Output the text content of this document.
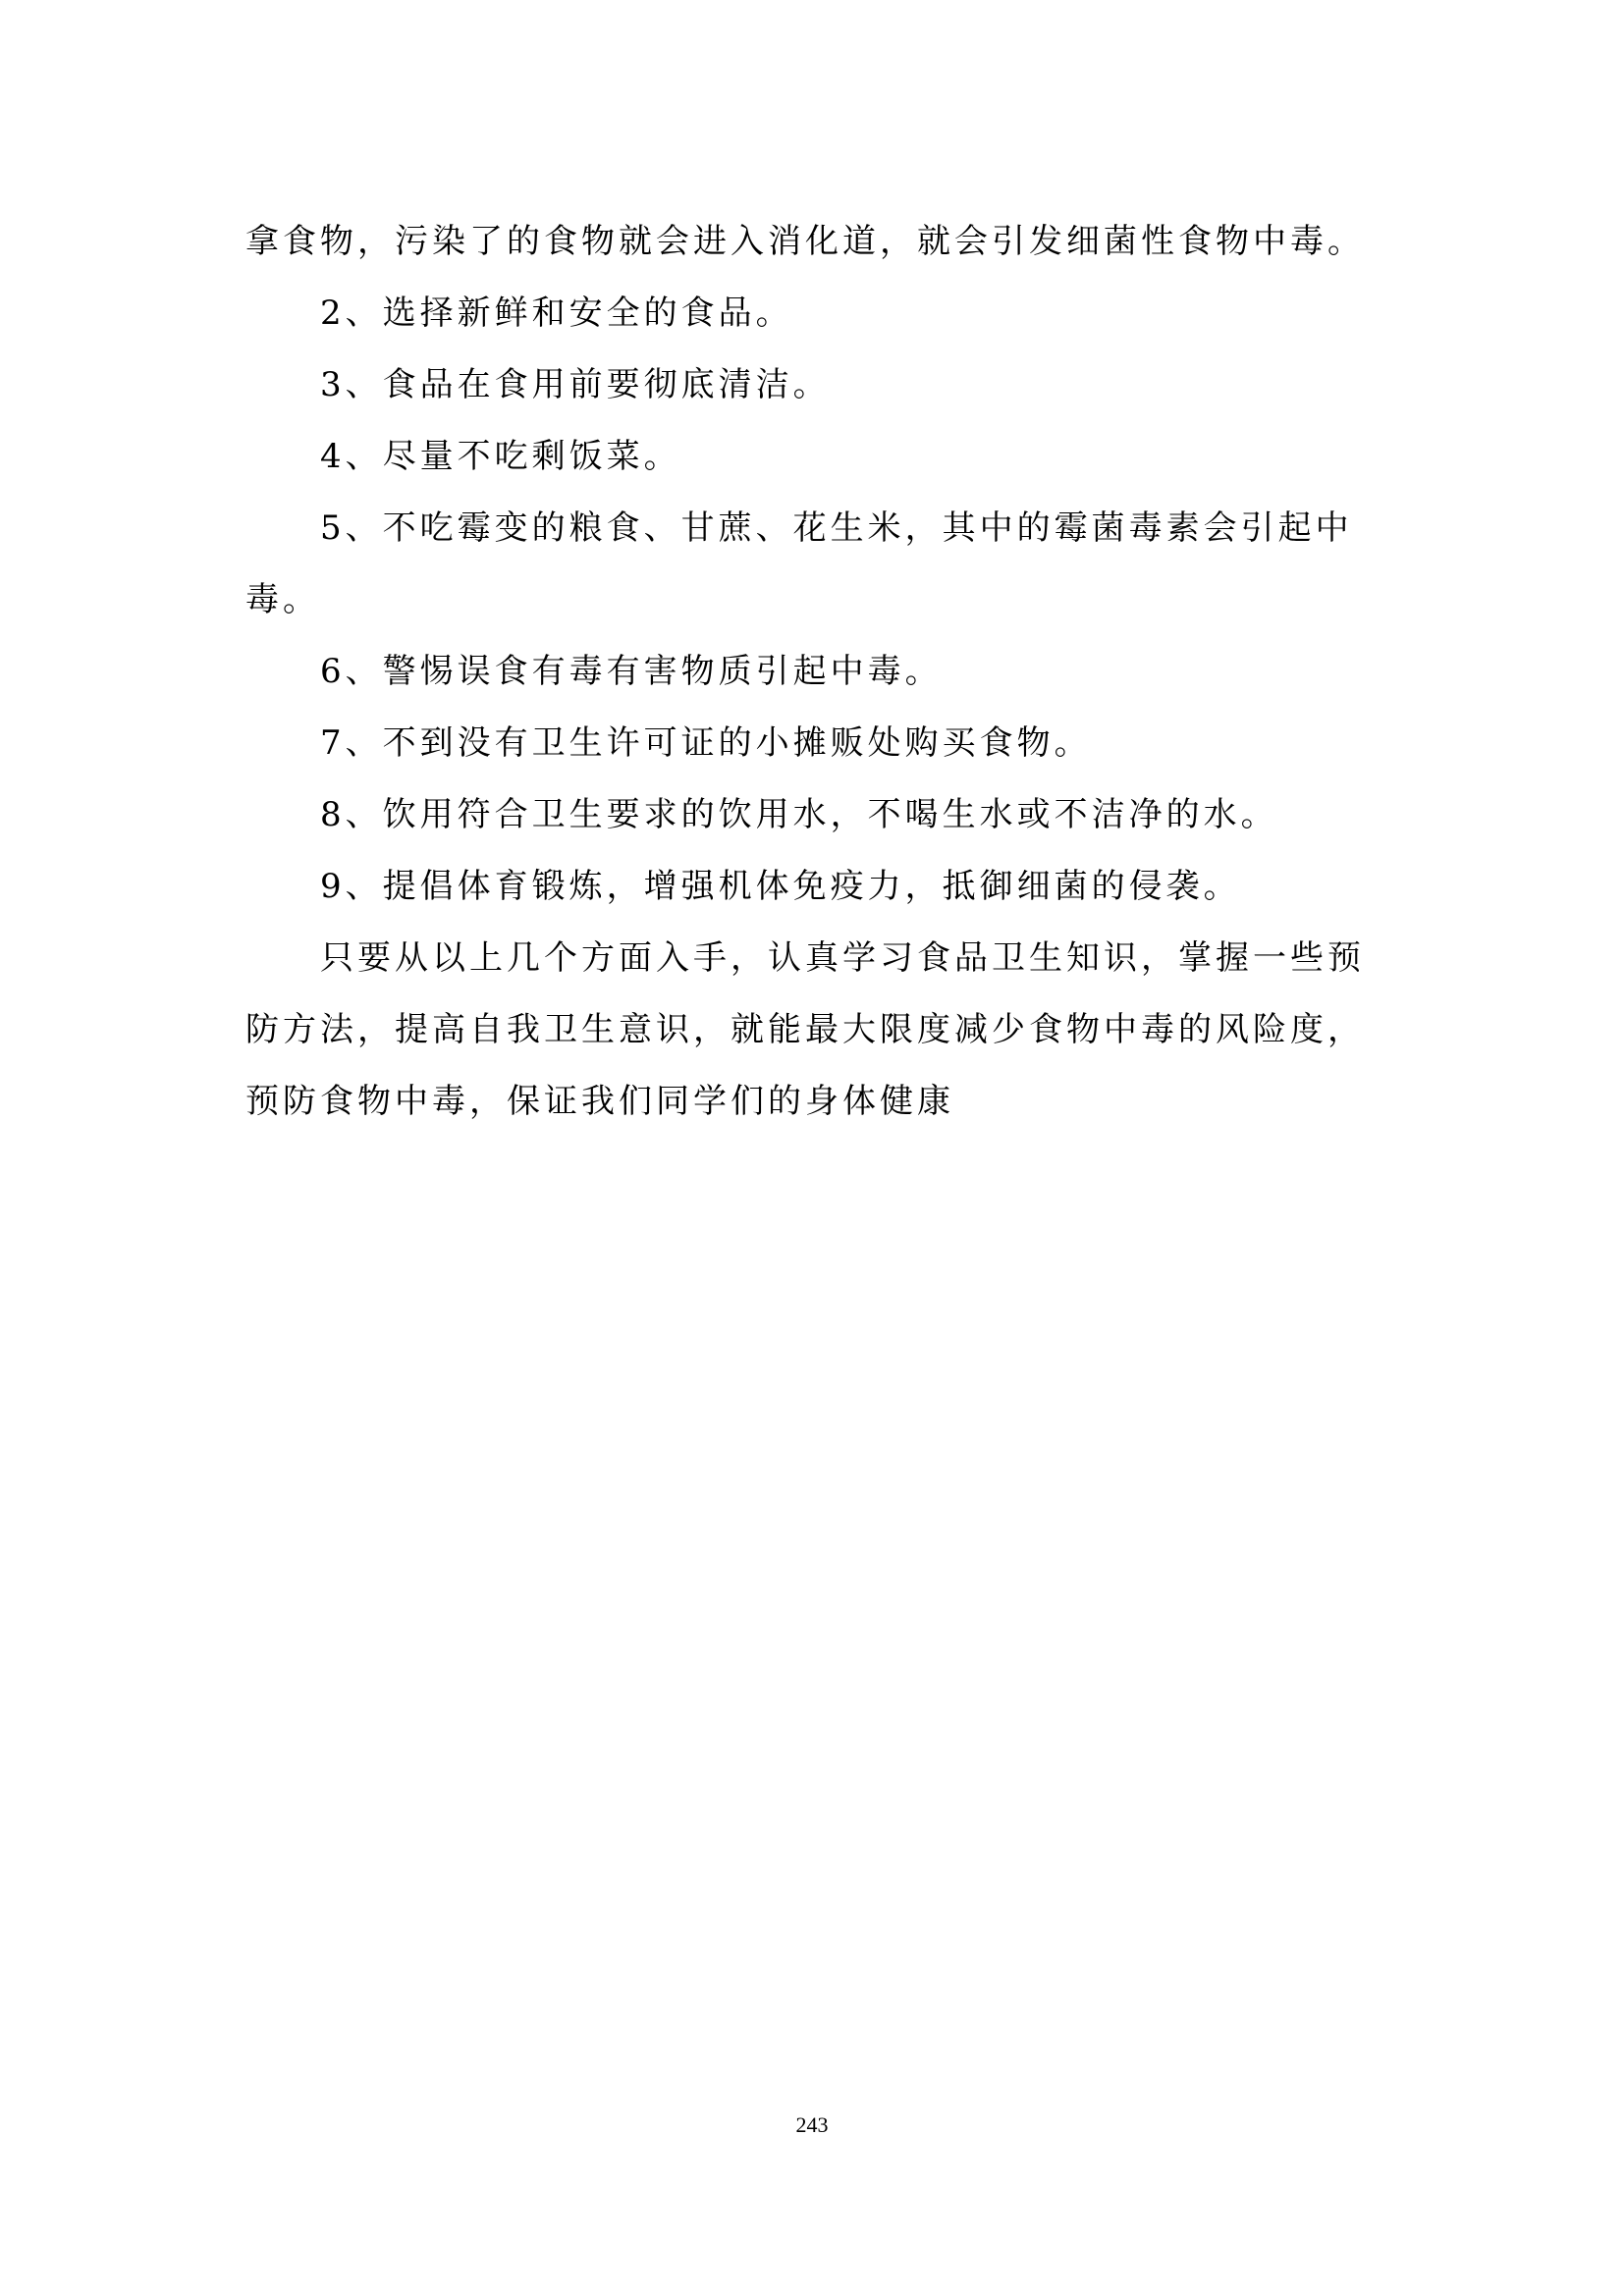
拿食物，污染了的食物就会进入消化道，就会引发细菌性食物中毒。

2、选择新鲜和安全的食品。

3、食品在食用前要彻底清洁。

4、尽量不吃剩饭菜。

5、不吃霉变的粮食、甘蔗、花生米，其中的霉菌毒素会引起中

毒。

6、警惕误食有毒有害物质引起中毒。

7、不到没有卫生许可证的小摊贩处购买食物。

8、饮用符合卫生要求的饮用水，不喝生水或不洁净的水。

9、提倡体育锻炼，增强机体免疫力，抵御细菌的侵袭。

只要从以上几个方面入手，认真学习食品卫生知识，掌握一些预

防方法，提高自我卫生意识，就能最大限度减少食物中毒的风险度，

预防食物中毒，保证我们同学们的身体健康

243
